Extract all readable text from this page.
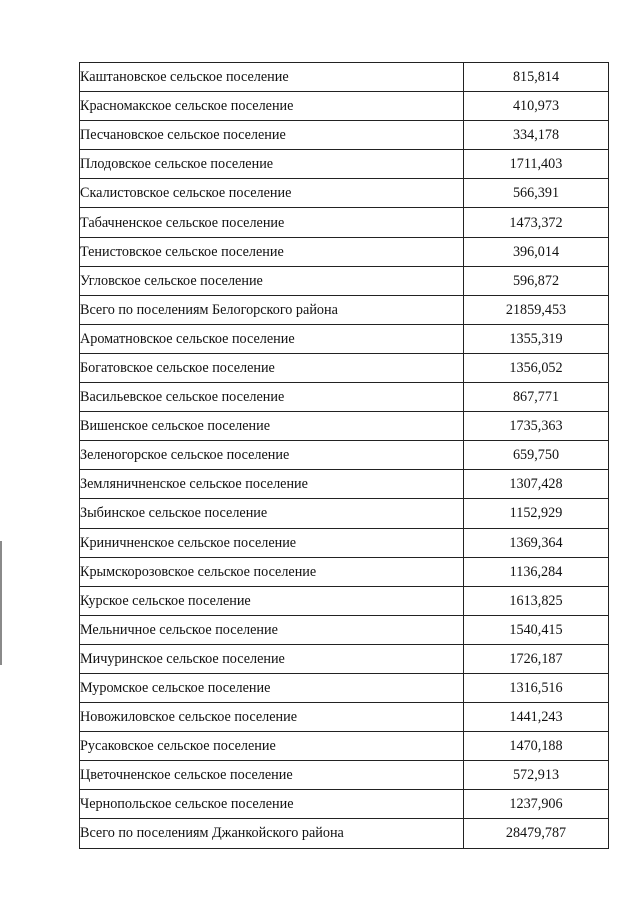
Каштановское сельское поселение	815,814
Красномакское сельское поселение	410,973
Песчановское сельское поселение	334,178
Плодовское сельское поселение	1711,403
Скалистовское сельское поселение	566,391
Табачненское сельское поселение	1473,372
Тенистовское сельское поселение	396,014
Угловское сельское поселение	596,872
Всего по поселениям Белогорского района	21859,453
Ароматновское сельское поселение	1355,319
Богатовское сельское поселение	1356,052
Васильевское сельское поселение	867,771
Вишенское сельское поселение	1735,363
Зеленогорское сельское поселение	659,750
Земляничненское сельское поселение	1307,428
Зыбинское сельское поселение	1152,929
Криничненское сельское поселение	1369,364
Крымскорозовское сельское поселение	1136,284
Курское сельское поселение	1613,825
Мельничное сельское поселение	1540,415
Мичуринское сельское поселение	1726,187
Муромское сельское поселение	1316,516
Новожиловское сельское поселение	1441,243
Русаковское сельское поселение	1470,188
Цветочненское сельское поселение	572,913
Чернопольское сельское поселение	1237,906
Всего по поселениям Джанкойского района	28479,787
